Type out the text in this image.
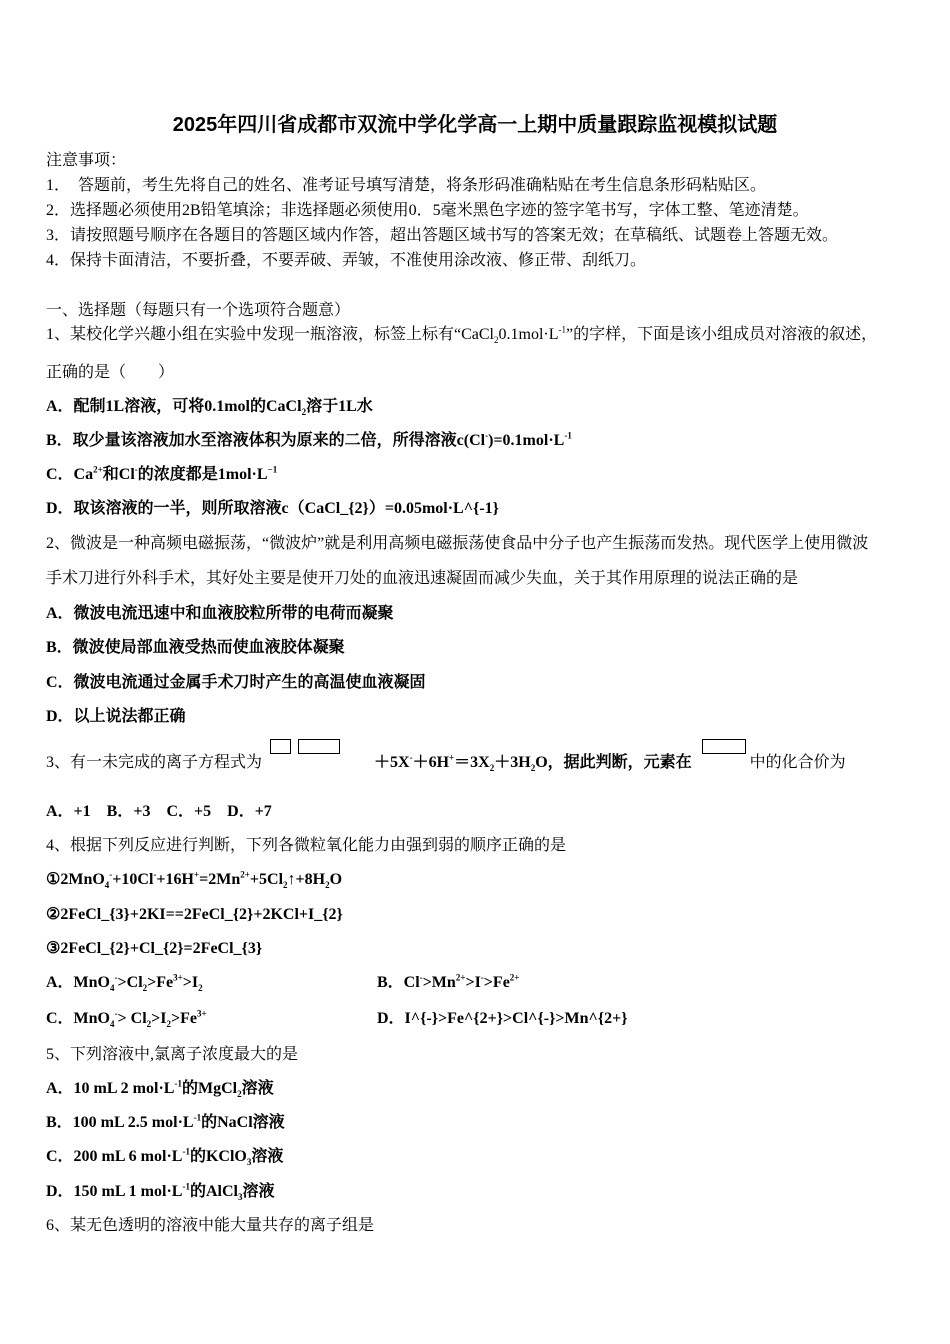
2025年四川省成都市双流中学化学高一上期中质量跟踪监视模拟试题
注意事项：
1．　答题前，考生先将自己的姓名、准考证号填写清楚，将条形码准确粘贴在考生信息条形码粘贴区。
2．选择题必须使用2B铅笔填涂；非选择题必须使用0．5毫米黑色字迹的签字笔书写，字体工整、笔迹清楚。
3．请按照题号顺序在各题目的答题区域内作答，超出答题区域书写的答案无效；在草稿纸、试题卷上答题无效。
4．保持卡面清洁，不要折叠，不要弄破、弄皱，不准使用涂改液、修正带、刮纸刀。
一、选择题（每题只有一个选项符合题意）
1、某校化学兴趣小组在实验中发现一瓶溶液，标签上标有“$CaCl_20.1mol\cdot L^{-1}$”的字样，下面是该小组成员对溶液的叙述，
正确的是（　　）
A．配制1L溶液，可将0.1mol的CaCl$_2$溶于1L水
B．取少量该溶液加水至溶液体积为原来的二倍，所得溶液$c(Cl^-)=0.1mol\cdot L^{-1}$
C．$Ca^{2+}$和Cl-的浓度都是$1mol\cdot L^{-1}$
D．取该溶液的一半，则所取溶液c（CaCl_{2}）=0.05mol·L^{-1}
2、微波是一种高频电磁振荡，“微波炉”就是利用高频电磁振荡使食品中分子也产生振荡而发热。现代医学上使用微波
手术刀进行外科手术，其好处主要是使开刀处的血液迅速凝固而减少失血，关于其作用原理的说法正确的是
A．微波电流迅速中和血液胶粒所带的电荷而凝聚
B．微波使局部血液受热而使血液胶体凝聚
C．微波电流通过金属手术刀时产生的高温使血液凝固
D．以上说法都正确
3、有一未完成的离子方程式为	$+5X^-+6H^+=3X_2+3H_2O$，据此判断，元素在	中的化合价为
A．+1　B．+3　C．+5　D．+7
4、根据下列反应进行判断，下列各微粒氧化能力由强到弱的顺序正确的是
$①2MnO_4^-+10Cl^-+16H^+=2Mn^{2+}+5Cl_2↑+8H_2O$
②2FeCl_{3}+2KI==2FeCl_{2}+2KCl+I_{2}
③2FeCl_{2}+Cl_{2}=2FeCl_{3}
A．$MnO_4^->Cl_2>Fe^{3+}>I_2$	B．$Cl^->Mn^{2+}>I^->Fe^{2+}$
C．$MnO_4^-> Cl_2>I_2>Fe^{3+}$	D．I^{-}>Fe^{2+}>Cl^{-}>Mn^{2+}
5、下列溶液中,氯离子浓度最大的是
A．10 mL 2 $mol\cdot L^{-1}$的MgCl$_2$溶液
B．100 mL 2.5 $mol\cdot L^{-1}$的NaCl溶液
C．200 mL 6 $mol\cdot L^{-1}$的KClO$_3$溶液
D．150 mL 1 $mol\cdot L^{-1}$的AlCl$_3$溶液
6、某无色透明的溶液中能大量共存的离子组是
